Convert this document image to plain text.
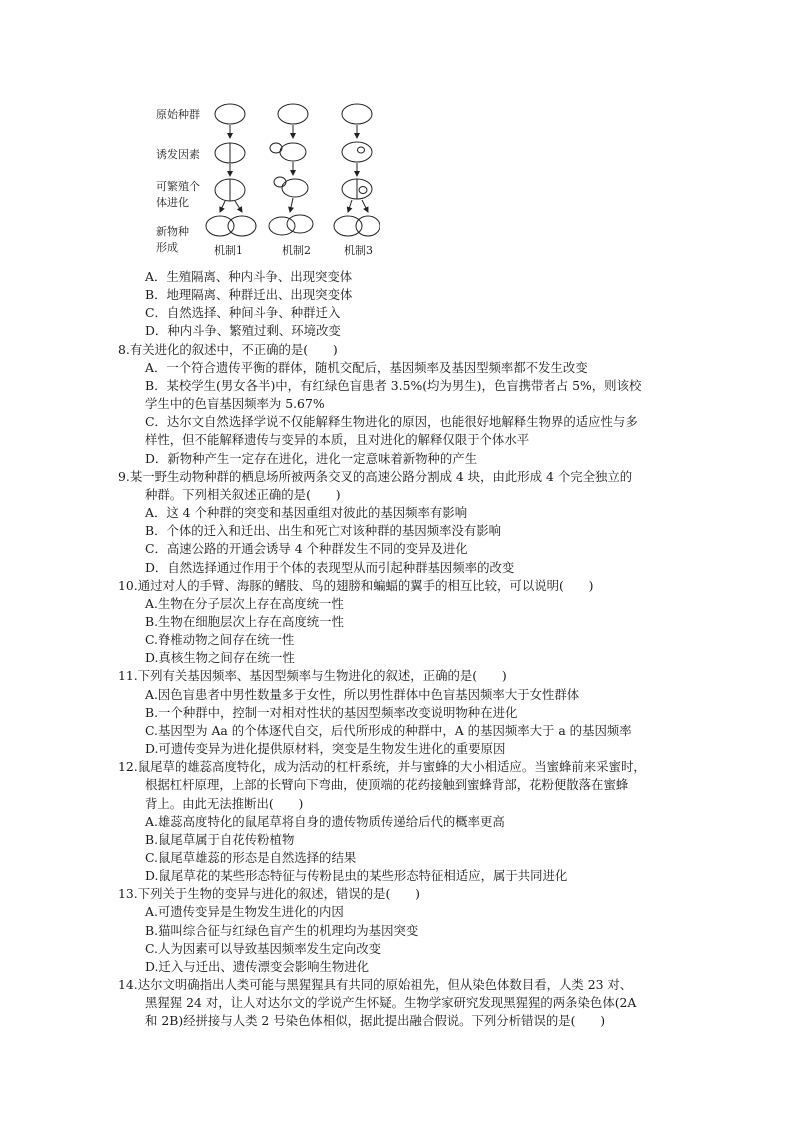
原始种群
诱发因素
可繁殖个
体进化
新物种
形成	机制1	机制2	机制3
A．生殖隔离、种内斗争、出现突变体
B．地理隔离、种群迁出、出现突变体
C．自然选择、种间斗争、种群迁入
D．种内斗争、繁殖过剩、环境改变
8.有关进化的叙述中，不正确的是(　　)
A．一个符合遗传平衡的群体，随机交配后，基因频率及基因型频率都不发生改变
B．某校学生(男女各半)中，有红绿色盲患者 3.5%(均为男生)，色盲携带者占 5%，则该校
学生中的色盲基因频率为 5.67%
C．达尔文自然选择学说不仅能解释生物进化的原因，也能很好地解释生物界的适应性与多
样性，但不能解释遗传与变异的本质，且对进化的解释仅限于个体水平
D．新物种产生一定存在进化，进化一定意味着新物种的产生
9.某一野生动物种群的栖息场所被两条交叉的高速公路分割成 4 块，由此形成 4 个完全独立的
种群。下列相关叙述正确的是(　　)
A．这 4 个种群的突变和基因重组对彼此的基因频率有影响
B．个体的迁入和迁出、出生和死亡对该种群的基因频率没有影响
C．高速公路的开通会诱导 4 个种群发生不同的变异及进化
D．自然选择通过作用于个体的表现型从而引起种群基因频率的改变
10.通过对人的手臂、海豚的鳍肢、鸟的翅膀和蝙蝠的翼手的相互比较，可以说明(　　)
A.生物在分子层次上存在高度统一性
B.生物在细胞层次上存在高度统一性
C.脊椎动物之间存在统一性
D.真核生物之间存在统一性
11.下列有关基因频率、基因型频率与生物进化的叙述，正确的是(　　)
A.因色盲患者中男性数量多于女性，所以男性群体中色盲基因频率大于女性群体
B.一个种群中，控制一对相对性状的基因型频率改变说明物种在进化
C.基因型为 Aa 的个体逐代自交，后代所形成的种群中，A 的基因频率大于 a 的基因频率
D.可遗传变异为进化提供原材料，突变是生物发生进化的重要原因
12.鼠尾草的雄蕊高度特化，成为活动的杠杆系统，并与蜜蜂的大小相适应。当蜜蜂前来采蜜时，
根据杠杆原理，上部的长臂向下弯曲，使顶端的花药接触到蜜蜂背部，花粉便散落在蜜蜂
背上。由此无法推断出(　　)
A.雄蕊高度特化的鼠尾草将自身的遗传物质传递给后代的概率更高
B.鼠尾草属于自花传粉植物
C.鼠尾草雄蕊的形态是自然选择的结果
D.鼠尾草花的某些形态特征与传粉昆虫的某些形态特征相适应，属于共同进化
13.下列关于生物的变异与进化的叙述，错误的是(　　)
A.可遗传变异是生物发生进化的内因
B.猫叫综合征与红绿色盲产生的机理均为基因突变
C.人为因素可以导致基因频率发生定向改变
D.迁入与迁出、遗传漂变会影响生物进化
14.达尔文明确指出人类可能与黑猩猩具有共同的原始祖先，但从染色体数目看，人类 23 对、
黑猩猩 24 对，让人对达尔文的学说产生怀疑。生物学家研究发现黑猩猩的两条染色体(2A
和 2B)经拼接与人类 2 号染色体相似，据此提出融合假说。下列分析错误的是(　　)
